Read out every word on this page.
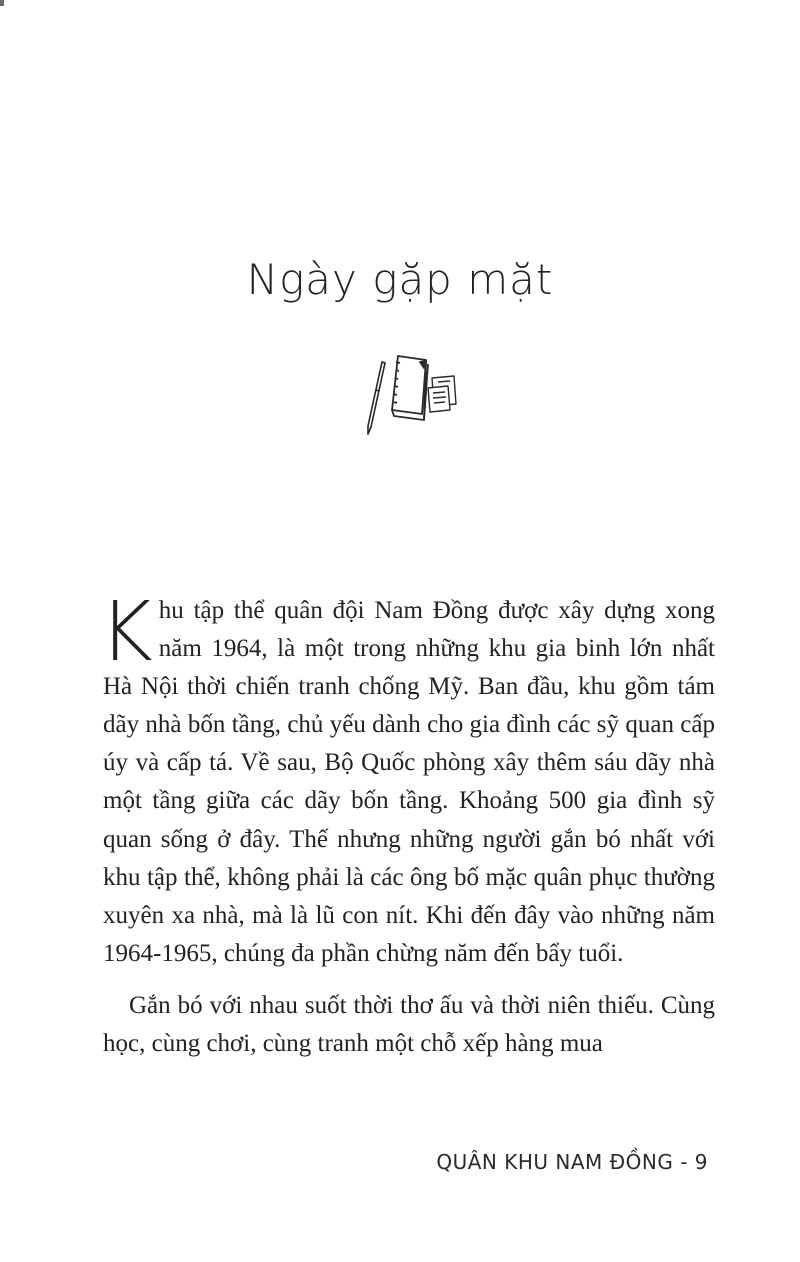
Ngày gặp mặt

Khu tập thể quân đội Nam Đồng được xây dựng xong năm 1964, là một trong những khu gia binh lớn nhất Hà Nội thời chiến tranh chống Mỹ. Ban đầu, khu gồm tám dãy nhà bốn tầng, chủ yếu dành cho gia đình các sỹ quan cấp úy và cấp tá. Về sau, Bộ Quốc phòng xây thêm sáu dãy nhà một tầng giữa các dãy bốn tầng. Khoảng 500 gia đình sỹ quan sống ở đây. Thế nhưng những người gắn bó nhất với khu tập thể, không phải là các ông bố mặc quân phục thường xuyên xa nhà, mà là lũ con nít. Khi đến đây vào những năm 1964-1965, chúng đa phần chừng năm đến bẩy tuổi.

Gắn bó với nhau suốt thời thơ ấu và thời niên thiếu. Cùng học, cùng chơi, cùng tranh một chỗ xếp hàng mua

QUÂN KHU NAM ĐỒNG - 9
